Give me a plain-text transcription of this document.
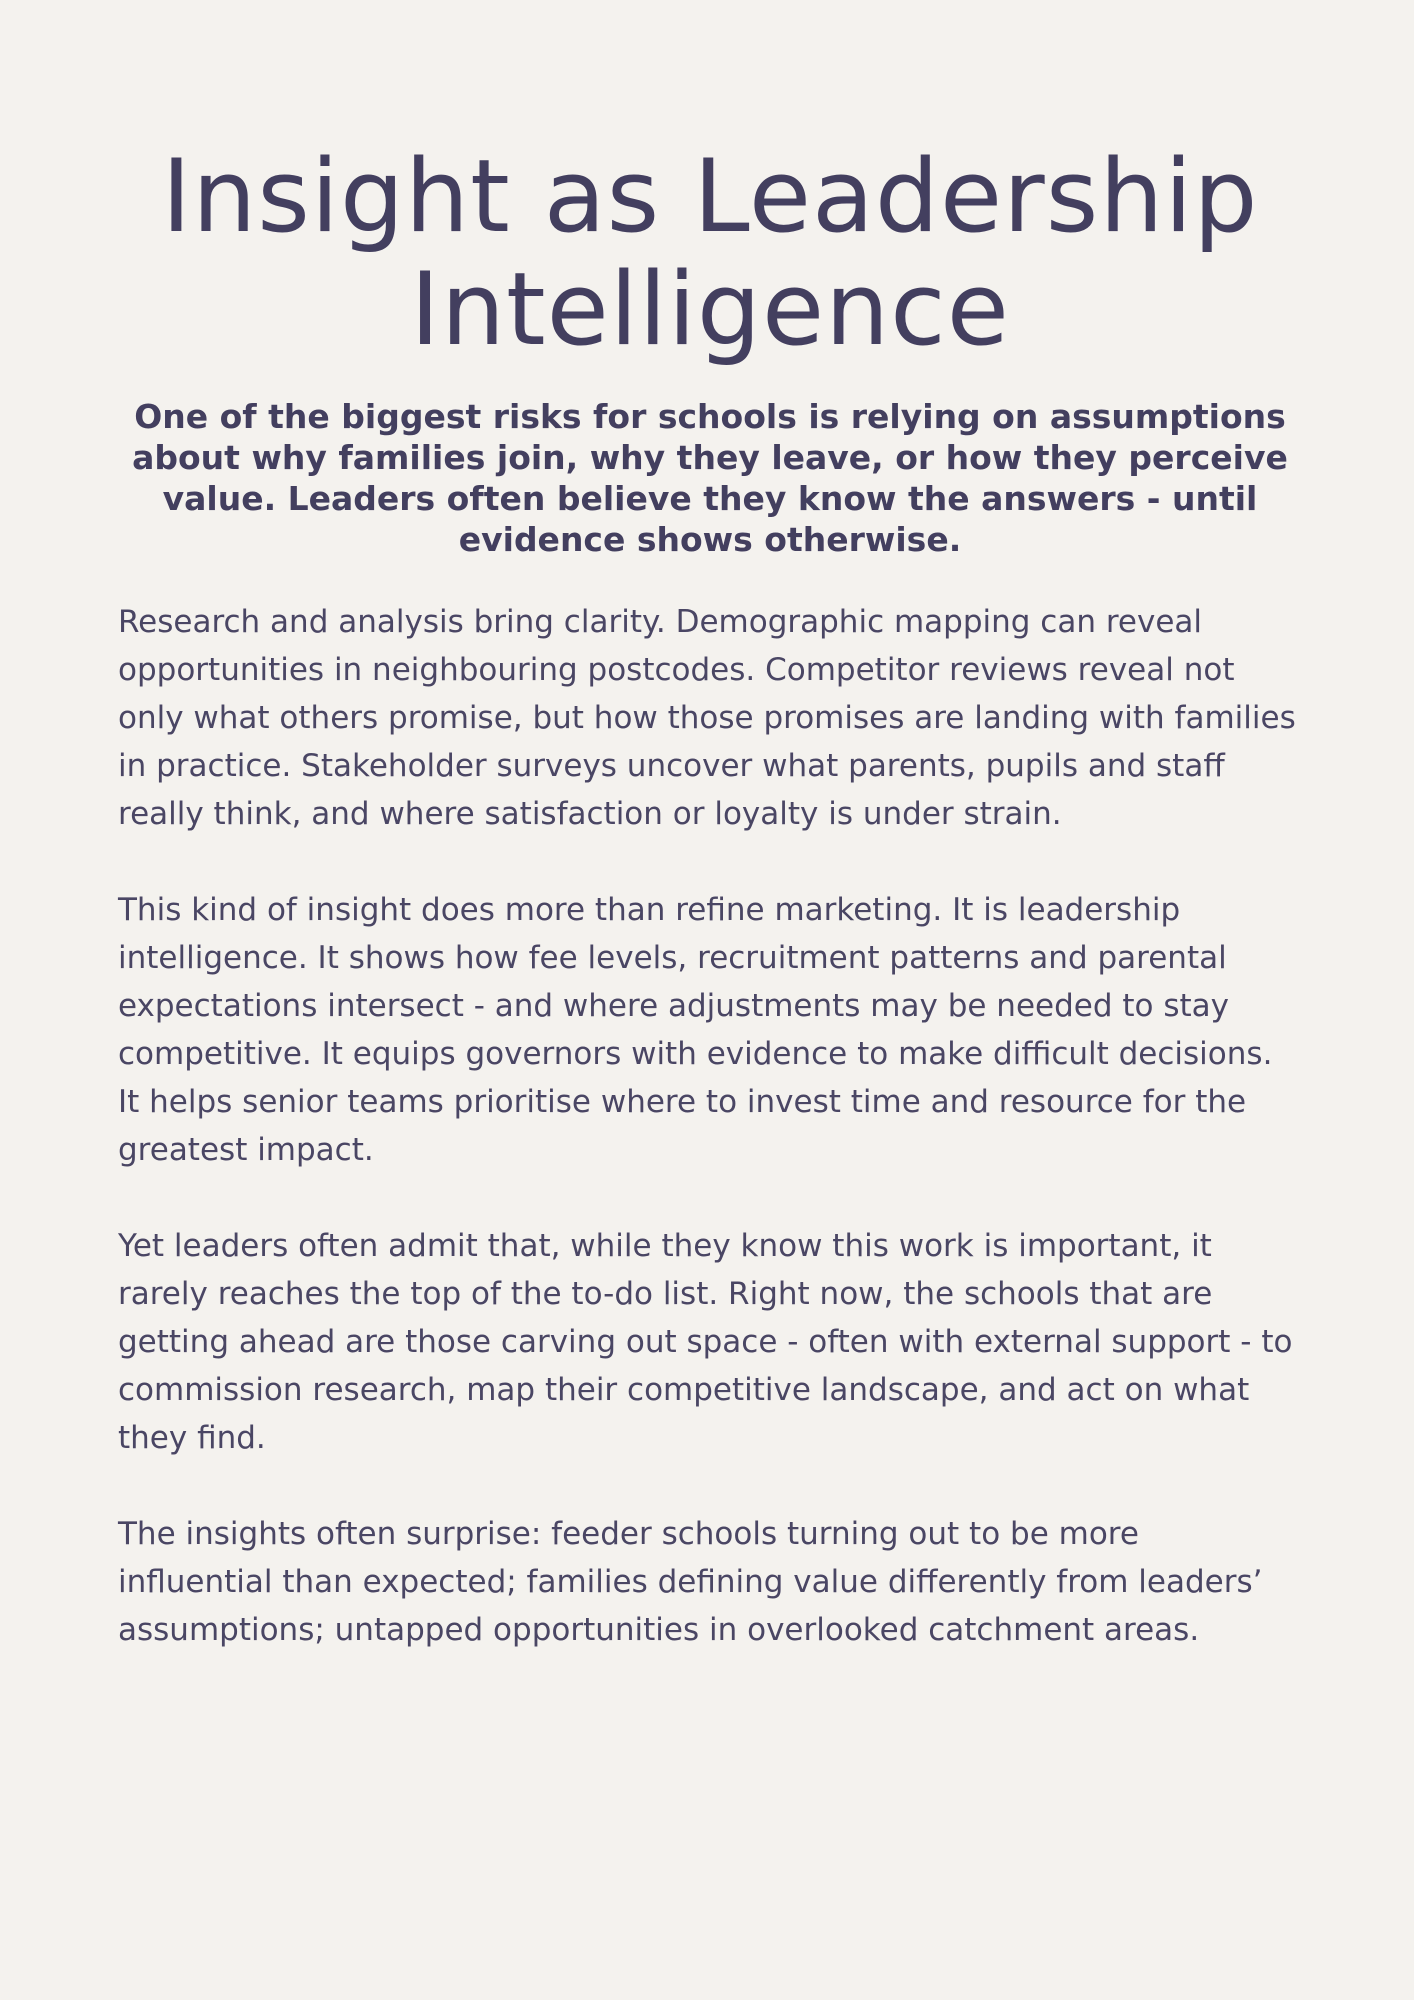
Insight as Leadership Intelligence

One of the biggest risks for schools is relying on assumptions about why families join, why they leave, or how they perceive value. Leaders often believe they know the answers - until evidence shows otherwise.

Research and analysis bring clarity. Demographic mapping can reveal opportunities in neighbouring postcodes. Competitor reviews reveal not only what others promise, but how those promises are landing with families in practice. Stakeholder surveys uncover what parents, pupils and staff really think, and where satisfaction or loyalty is under strain.

This kind of insight does more than refine marketing. It is leadership intelligence. It shows how fee levels, recruitment patterns and parental expectations intersect - and where adjustments may be needed to stay competitive. It equips governors with evidence to make difficult decisions. It helps senior teams prioritise where to invest time and resource for the greatest impact.

Yet leaders often admit that, while they know this work is important, it rarely reaches the top of the to-do list. Right now, the schools that are getting ahead are those carving out space - often with external support - to commission research, map their competitive landscape, and act on what they find.

The insights often surprise: feeder schools turning out to be more influential than expected; families defining value differently from leaders’ assumptions; untapped opportunities in overlooked catchment areas.
